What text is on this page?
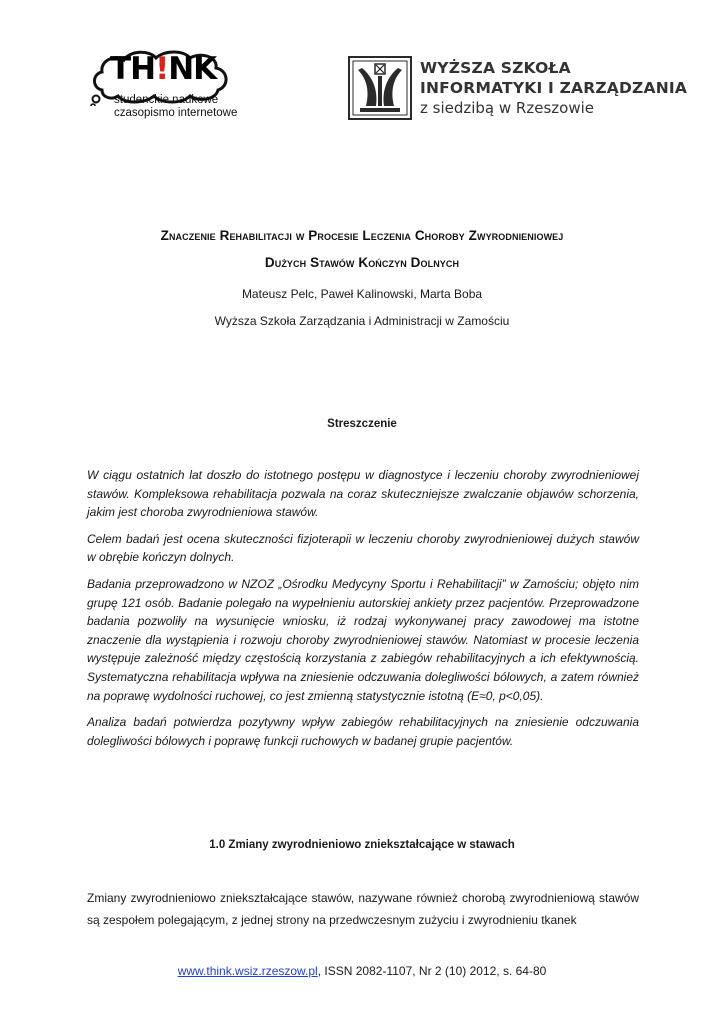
TH!NK
studenckie naukowe
czasopismo internetowe
WYŻSZA SZKOŁA
INFORMATYKI I ZARZĄDZANIA
z siedzibą w Rzeszowie
Znaczenie Rehabilitacji w Procesie Leczenia Choroby Zwyrodnieniowej
Dużych Stawów Kończyn Dolnych
Mateusz Pelc, Paweł Kalinowski, Marta Boba
Wyższa Szkoła Zarządzania i Administracji w Zamościu
Streszczenie

W ciągu ostatnich lat doszło do istotnego postępu w diagnostyce i leczeniu choroby zwyrodnieniowej stawów. Kompleksowa rehabilitacja pozwala na coraz skuteczniejsze zwalczanie objawów schorzenia, jakim jest choroba zwyrodnieniowa stawów.

Celem badań jest ocena skuteczności fizjoterapii w leczeniu choroby zwyrodnieniowej dużych stawów w obrębie kończyn dolnych.

Badania przeprowadzono w NZOZ „Ośrodku Medycyny Sportu i Rehabilitacji” w Zamościu; objęto nim grupę 121 osób. Badanie polegało na wypełnieniu autorskiej ankiety przez pacjentów. Przeprowadzone badania pozwoliły na wysunięcie wniosku, iż rodzaj wykonywanej pracy zawodowej ma istotne znaczenie dla wystąpienia i rozwoju choroby zwyrodnieniowej stawów. Natomiast w procesie leczenia występuje zależność między częstością korzystania z zabiegów rehabilitacyjnych a ich efektywnością. Systematyczna rehabilitacja wpływa na zniesienie odczuwania dolegliwości bólowych, a zatem również na poprawę wydolności ruchowej, co jest zmienną statystycznie istotną (E≈0, p<0,05).

Analiza badań potwierdza pozytywny wpływ zabiegów rehabilitacyjnych na zniesienie odczuwania dolegliwości bólowych i poprawę funkcji ruchowych w badanej grupie pacjentów.

1.0 Zmiany zwyrodnieniowo zniekształcające w stawach
Zmiany zwyrodnieniowo zniekształcające stawów, nazywane również chorobą zwyrodnieniową stawów są zespołem polegającym, z jednej strony na przedwczesnym zużyciu i zwyrodnieniu tkanek
www.think.wsiz.rzeszow.pl, ISSN 2082-1107, Nr 2 (10) 2012, s. 64-80
